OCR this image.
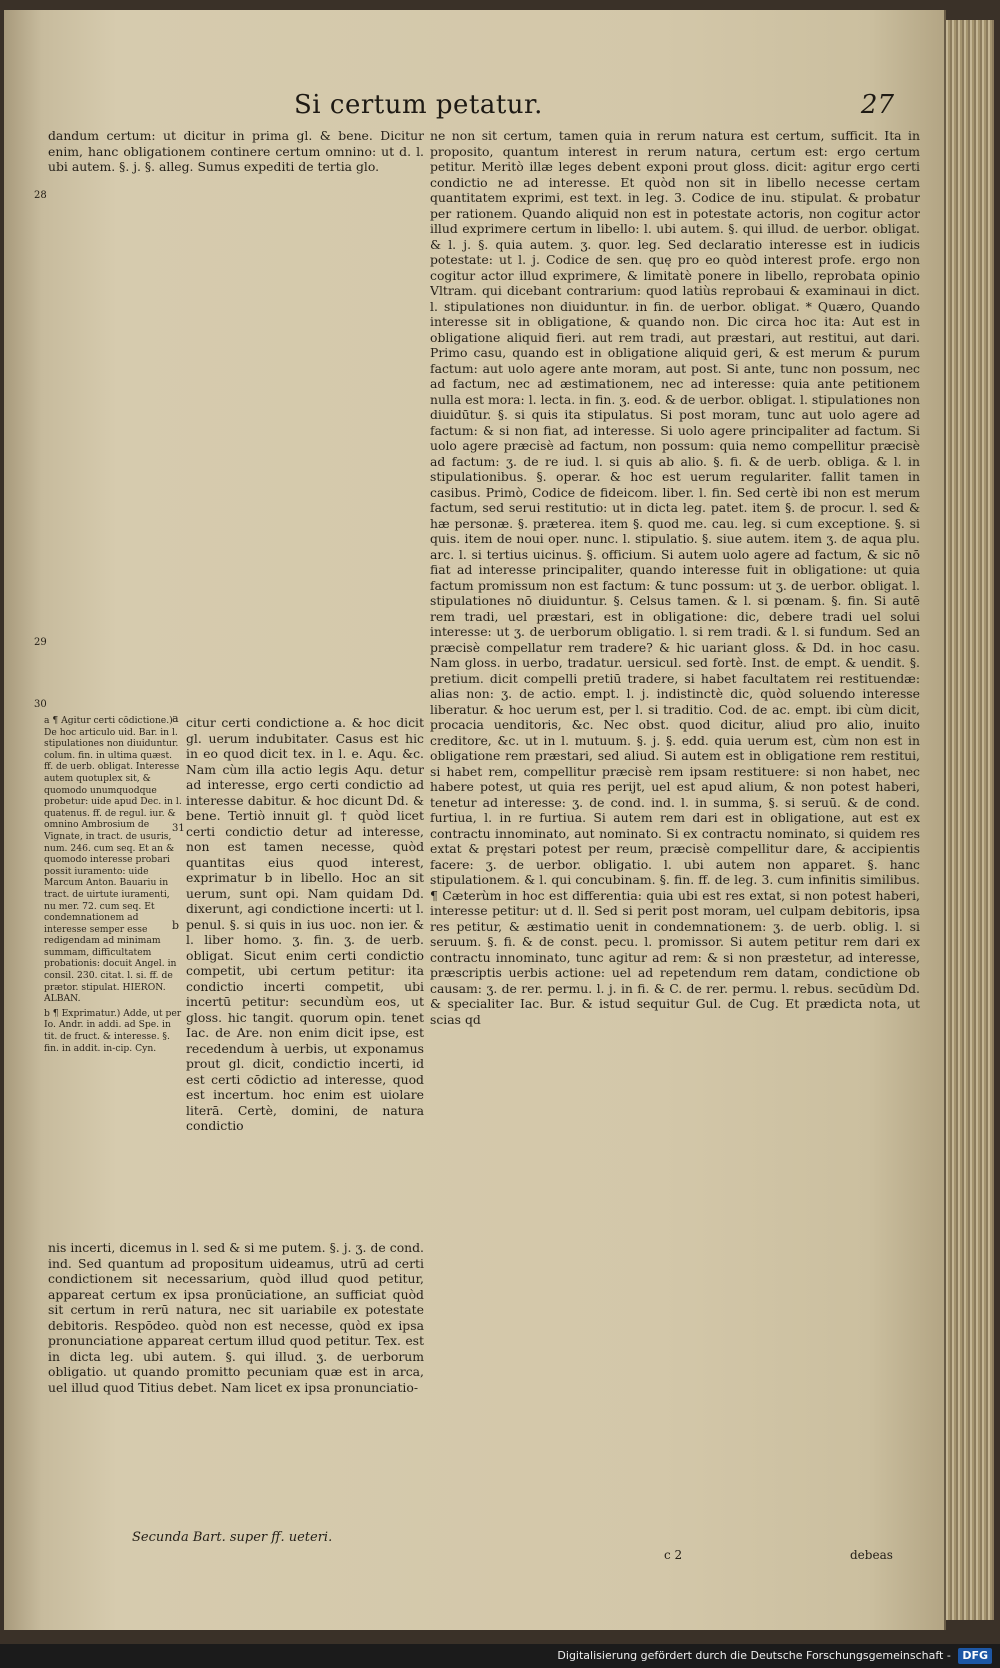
Si certum petatur.	27

dandum certum: ut dicitur in prima gl. & bene. Dicitur enim, hanc obligationem continere certum omnino: ut d. l. ubi autem. §. j. §. alleg. Sumus expediti de tertia glo.

28
29
30
31

a ¶ Agitur certi cōdictione.) De hoc articulo uid. Bar. in l. stipulationes non diuiduntur. colum. fin. in ultima quæst. ff. de uerb. obligat. Interesse autem quotuplex sit, & quomodo unumquodque probetur: uide apud Dec. in l. quatenus. ff. de regul. iur. & omnino Ambrosium de Vignate, in tract. de usuris, num. 246. cum seq. Et an & quomodo interesse probari possit iuramento: uide Marcum Anton. Bauariu in tract. de uirtute iuramenti, nu mer. 72. cum seq. Et condemnationem ad interesse semper esse redigendam ad minimam summam, difficultatem probationis: docuit Angel. in consil. 230. citat. l. si. ff. de prætor. stipulat. HIERON. ALBAN.

b ¶ Exprimatur.) Adde, ut per Io. Andr. in addi. ad Spe. in tit. de fruct. & interesse. §. fin. in addit. in-cip. Cyn.

a
b
citur certi condictione a. & hoc dicit gl. uerum indubitater. Casus est hic in eo quod dicit tex. in l. e. Aqu. &c. Nam cùm illa actio legis Aqu. detur ad interesse, ergo certi condictio ad interesse dabitur. & hoc dicunt Dd. & bene. Tertiò innuit gl. † quòd licet certi condictio detur ad interesse, non est tamen necesse, quòd quantitas eius quod interest, exprimatur b in libello. Hoc an sit uerum, sunt opi. Nam quidam Dd. dixerunt, agi condictione incerti: ut l. penul. §. si quis in ius uoc. non ier. & l. liber homo. ʒ. fin. ʒ. de uerb. obligat. Sicut enim certi condictio competit, ubi certum petitur: ita condictio incerti competit, ubi incertū petitur: secundùm eos, ut gloss. hic tangit. quorum opin. tenet Iac. de Are. non enim dicit ipse, est recedendum à uerbis, ut exponamus prout gl. dicit, condictio incerti, id est certi cōdictio ad interesse, quod est incertum. hoc enim est uiolare literā. Certè, domini, de natura condictio
nis incerti, dicemus in l. sed & si me putem. §. j. ʒ. de cond. ind. Sed quantum ad propositum uideamus, utrū ad certi condictionem sit necessarium, quòd illud quod petitur, appareat certum ex ipsa pronūciatione, an sufficiat quòd sit certum in rerū natura, nec sit uariabile ex potestate debitoris. Respōdeo. quòd non est necesse, quòd ex ipsa pronunciatione appareat certum illud quod petitur. Tex. est in dicta leg. ubi autem. §. qui illud. ʒ. de uerborum obligatio. ut quando promitto pecuniam quæ est in arca, uel illud quod Titius debet. Nam licet ex ipsa pronunciatio-
Secunda Bart. super ff. ueteri.
ne non sit certum, tamen quia in rerum natura est certum, sufficit. Ita in proposito, quantum interest in rerum natura, certum est: ergo certum petitur. Meritò illæ leges debent exponi prout gloss. dicit: agitur ergo certi condictio ne ad interesse. Et quòd non sit in libello necesse certam quantitatem exprimi, est text. in leg. 3. Codice de inu. stipulat. & probatur per rationem. Quando aliquid non est in potestate actoris, non cogitur actor illud exprimere certum in libello: l. ubi autem. §. qui illud. de uerbor. obligat. & l. j. §. quia autem. ʒ. quor. leg. Sed declaratio interesse est in iudicis potestate: ut l. j. Codice de sen. quę pro eo quòd interest profe. ergo non cogitur actor illud exprimere, & limitatè ponere in libello, reprobata opinio Vltram. qui dicebant contrarium: quod latiùs reprobaui & examinaui in dict. l. stipulationes non diuiduntur. in fin. de uerbor. obligat. * Quæro, Quando interesse sit in obligatione, & quando non. Dic circa hoc ita: Aut est in obligatione aliquid fieri. aut rem tradi, aut præstari, aut restitui, aut dari. Primo casu, quando est in obligatione aliquid geri, & est merum & purum factum: aut uolo agere ante moram, aut post. Si ante, tunc non possum, nec ad factum, nec ad æstimationem, nec ad interesse: quia ante petitionem nulla est mora: l. lecta. in fin. ʒ. eod. & de uerbor. obligat. l. stipulationes non diuidūtur. §. si quis ita stipulatus. Si post moram, tunc aut uolo agere ad factum: & si non fiat, ad interesse. Si uolo agere principaliter ad factum. Si uolo agere præcisè ad factum, non possum: quia nemo compellitur præcisè ad factum: ʒ. de re iud. l. si quis ab alio. §. fi. & de uerb. obliga. & l. in stipulationibus. §. operar. & hoc est uerum regulariter. fallit tamen in casibus. Primò, Codice de fideicom. liber. l. fin. Sed certè ibi non est merum factum, sed serui restitutio: ut in dicta leg. patet. item §. de procur. l. sed & hæ personæ. §. præterea. item §. quod me. cau. leg. si cum exceptione. §. si quis. item de noui oper. nunc. l. stipulatio. §. siue autem. item ʒ. de aqua plu. arc. l. si tertius uicinus. §. officium. Si autem uolo agere ad factum, & sic nō fiat ad interesse principaliter, quando interesse fuit in obligatione: ut quia factum promissum non est factum: & tunc possum: ut ʒ. de uerbor. obligat. l. stipulationes nō diuiduntur. §. Celsus tamen. & l. si pœnam. §. fin. Si autē rem tradi, uel præstari, est in obligatione: dic, debere tradi uel solui interesse: ut ʒ. de uerborum obligatio. l. si rem tradi. & l. si fundum. Sed an præcisè compellatur rem tradere? & hic uariant gloss. & Dd. in hoc casu. Nam gloss. in uerbo, tradatur. uersicul. sed fortè. Inst. de empt. & uendit. §. pretium. dicit compelli pretiū tradere, si habet facultatem rei restituendæ: alias non: ʒ. de actio. empt. l. j. indistinctè dic, quòd soluendo interesse liberatur. & hoc uerum est, per l. si traditio. Cod. de ac. empt. ibi cùm dicit, procacia uenditoris, &c. Nec obst. quod dicitur, aliud pro alio, inuito creditore, &c. ut in l. mutuum. §. j. §. edd. quia uerum est, cùm non est in obligatione rem præstari, sed aliud. Si autem est in obligatione rem restitui, si habet rem, compellitur præcisè rem ipsam restituere: si non habet, nec habere potest, ut quia res perijt, uel est apud alium, & non potest haberi, tenetur ad interesse: ʒ. de cond. ind. l. in summa, §. si seruū. & de cond. furtiua, l. in re furtiua. Si autem rem dari est in obligatione, aut est ex contractu innominato, aut nominato. Si ex contractu nominato, si quidem res extat & pręstari potest per reum, præcisè compellitur dare, & accipientis facere: ʒ. de uerbor. obligatio. l. ubi autem non apparet. §. hanc stipulationem. & l. qui concubinam. §. fin. ff. de leg. 3. cum infinitis similibus. ¶ Cæterùm in hoc est differentia: quia ubi est res extat, si non potest haberi, interesse petitur: ut d. ll. Sed si perit post moram, uel culpam debitoris, ipsa res petitur, & æstimatio uenit in condemnationem: ʒ. de uerb. oblig. l. si seruum. §. fi. & de const. pecu. l. promissor. Si autem petitur rem dari ex contractu innominato, tunc agitur ad rem: & si non præstetur, ad interesse, præscriptis uerbis actione: uel ad repetendum rem datam, condictione ob causam: ʒ. de rer. permu. l. j. in fi. & C. de rer. permu. l. rebus. secūdùm Dd. & specialiter Iac. Bur. & istud sequitur Gul. de Cug. Et prædicta nota, ut scias qd
c 2	debeas
Digitalisierung gefördert durch die Deutsche Forschungsgemeinschaft - DFG
